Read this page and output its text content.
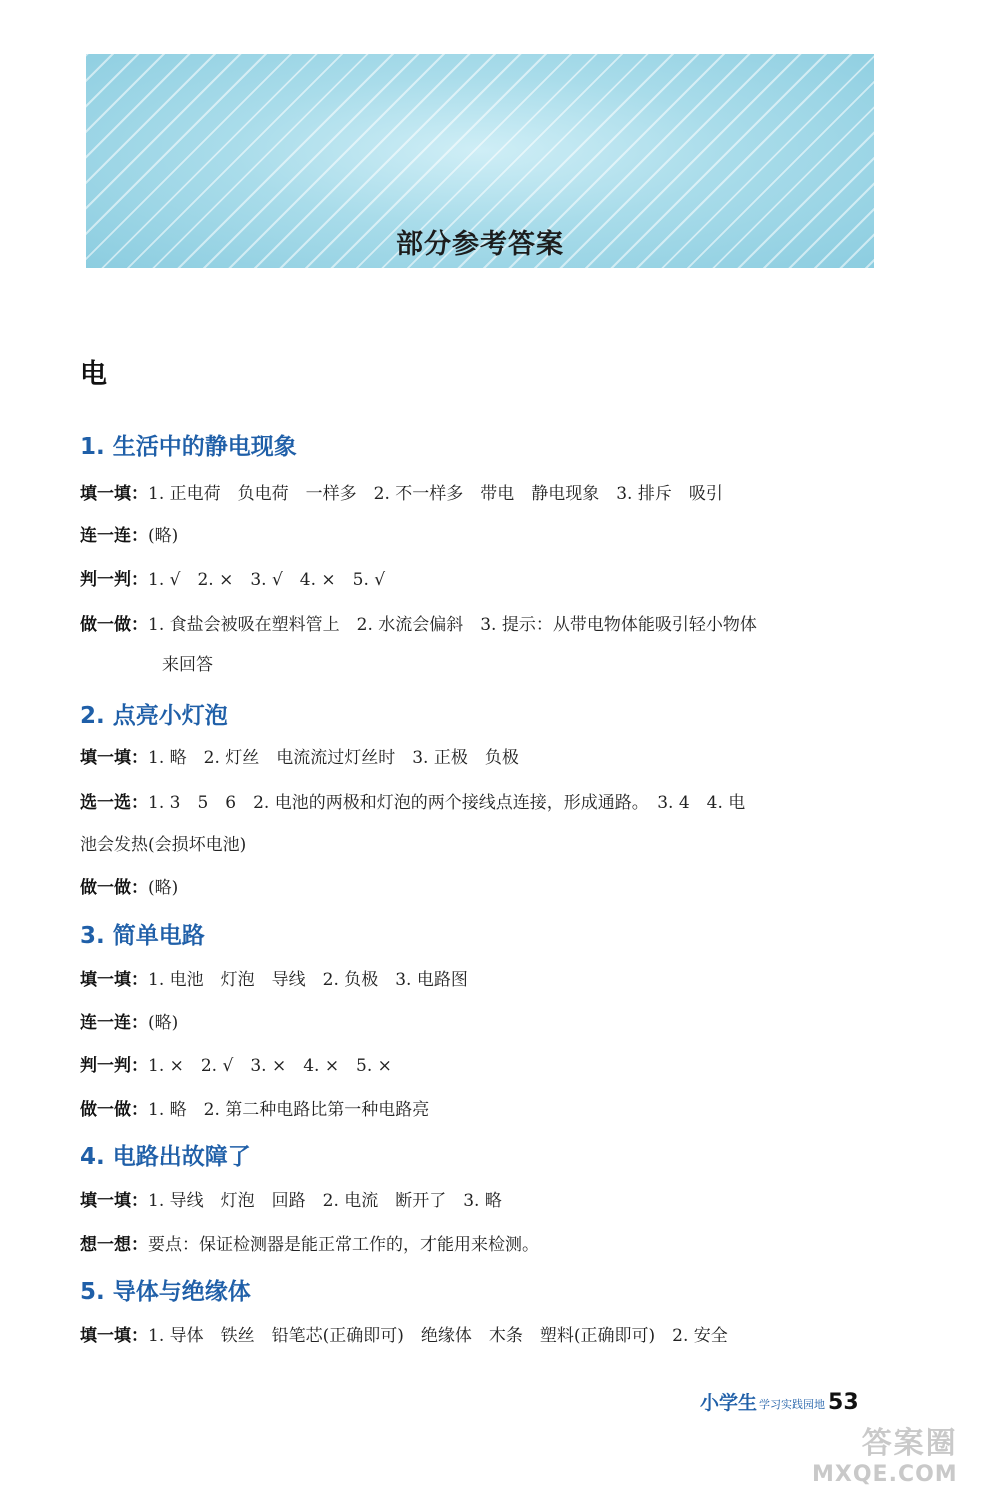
部分参考答案
电
1. 生活中的静电现象
填一填：1. 正电荷　负电荷　一样多　2. 不一样多　带电　静电现象　3. 排斥　吸引
连一连：(略)
判一判：1. √　2. ×　3. √　4. ×　5. √
做一做：1. 食盐会被吸在塑料管上　2. 水流会偏斜　3. 提示：从带电物体能吸引轻小物体
来回答
2. 点亮小灯泡
填一填：1. 略　2. 灯丝　电流流过灯丝时　3. 正极　负极
选一选：1. 3　5　6　2. 电池的两极和灯泡的两个接线点连接，形成通路。　3. 4　4. 电
池会发热(会损坏电池)
做一做：(略)
3. 简单电路
填一填：1. 电池　灯泡　导线　2. 负极　3. 电路图
连一连：(略)
判一判：1. ×　2. √　3. ×　4. ×　5. ×
做一做：1. 略　2. 第二种电路比第一种电路亮
4. 电路出故障了
填一填：1. 导线　灯泡　回路　2. 电流　断开了　3. 略
想一想：要点：保证检测器是能正常工作的，才能用来检测。
5. 导体与绝缘体
填一填：1. 导体　铁丝　铅笔芯(正确即可)　绝缘体　木条　塑料(正确即可)　2. 安全
小学生 学习实践园地 53
答案圈
MXQE.COM
